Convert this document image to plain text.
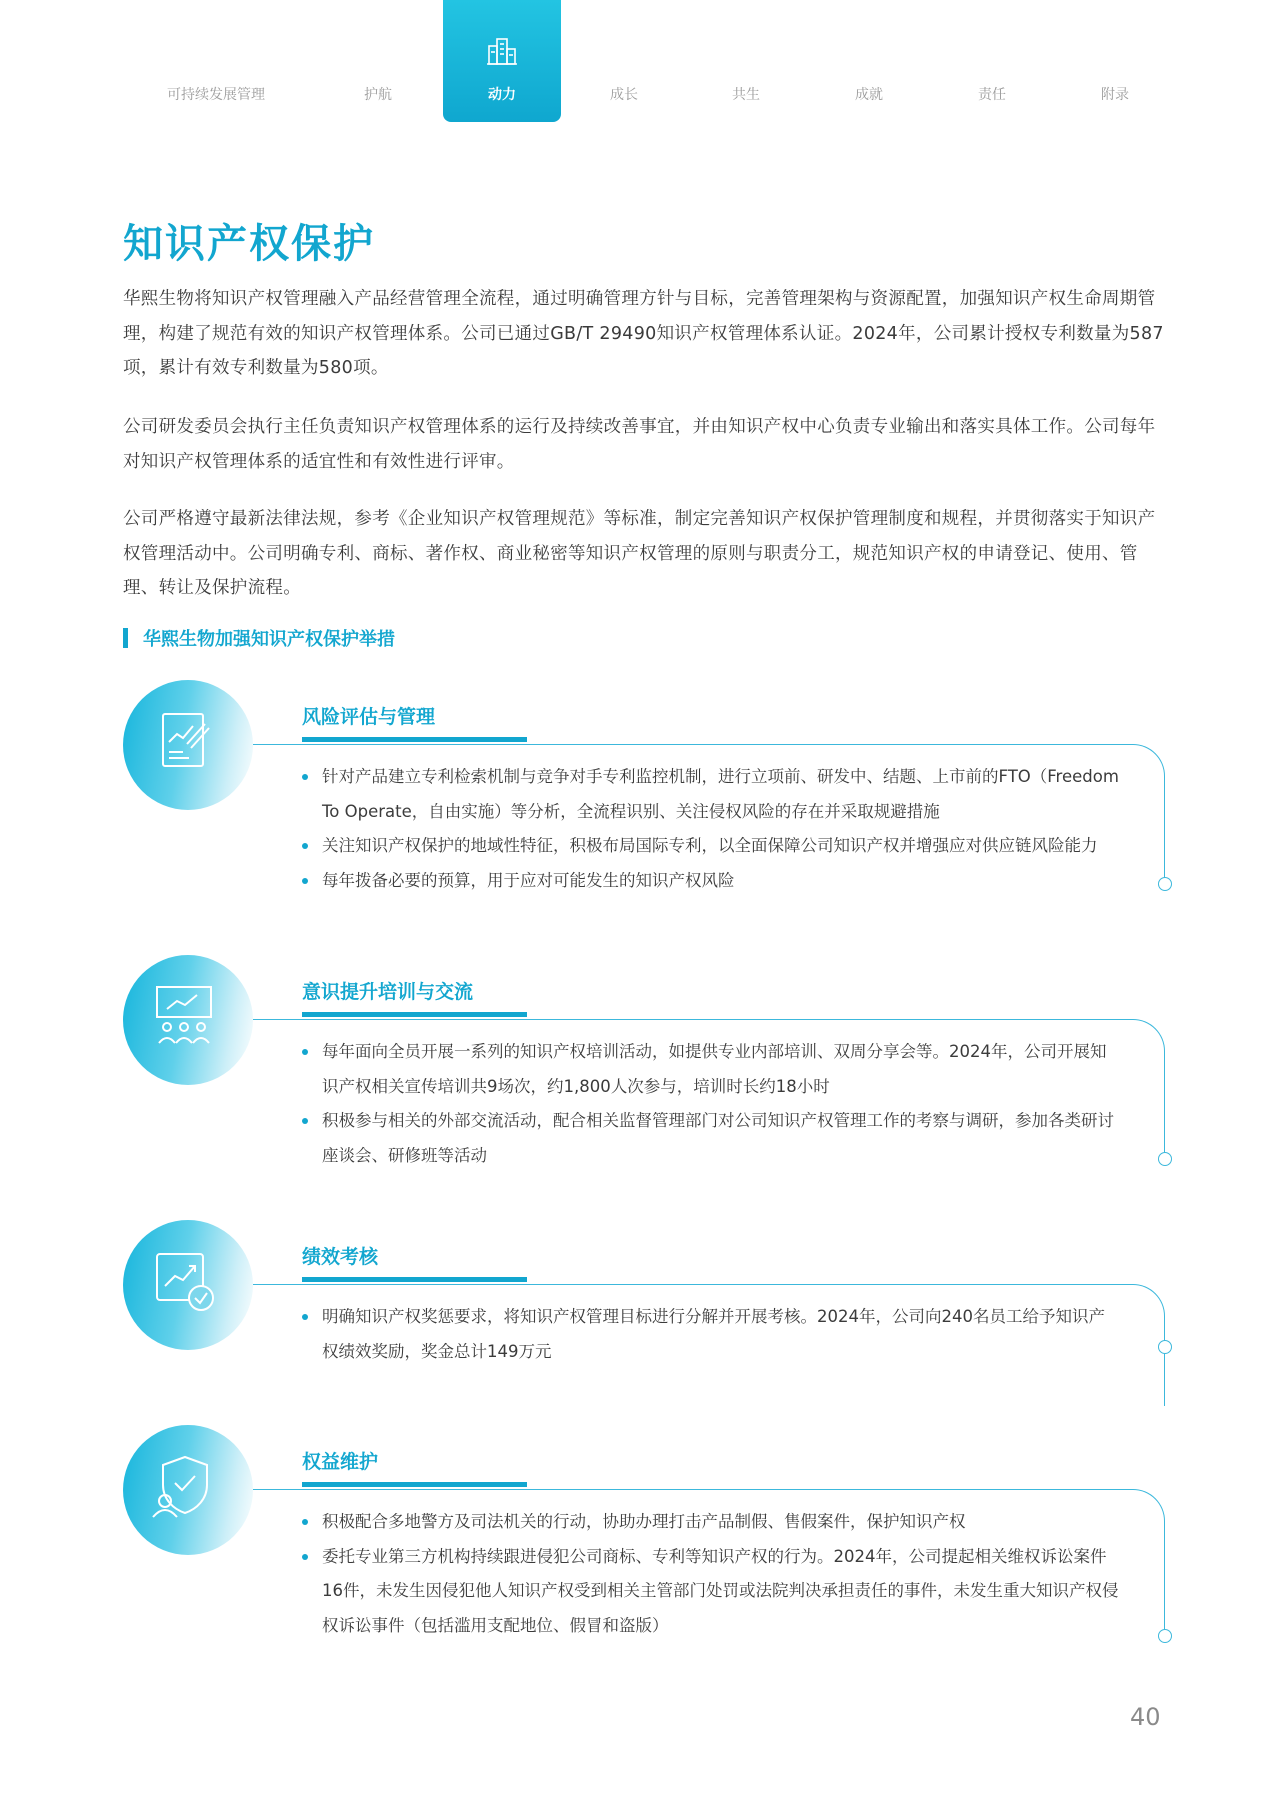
可持续发展管理	护航	动力	成长	共生	成就	责任	附录
知识产权保护

华熙生物将知识产权管理融入产品经营管理全流程，通过明确管理方针与目标，完善管理架构与资源配置，加强知识产权生命周期管理，构建了规范有效的知识产权管理体系。公司已通过GB/T 29490知识产权管理体系认证。2024年，公司累计授权专利数量为587项，累计有效专利数量为580项。

公司研发委员会执行主任负责知识产权管理体系的运行及持续改善事宜，并由知识产权中心负责专业输出和落实具体工作。公司每年对知识产权管理体系的适宜性和有效性进行评审。

公司严格遵守最新法律法规，参考《企业知识产权管理规范》等标准，制定完善知识产权保护管理制度和规程，并贯彻落实于知识产权管理活动中。公司明确专利、商标、著作权、商业秘密等知识产权管理的原则与职责分工，规范知识产权的申请登记、使用、管理、转让及保护流程。

华熙生物加强知识产权保护举措
风险评估与管理
针对产品建立专利检索机制与竞争对手专利监控机制，进行立项前、研发中、结题、上市前的FTO（Freedom To Operate，自由实施）等分析，全流程识别、关注侵权风险的存在并采取规避措施
关注知识产权保护的地域性特征，积极布局国际专利，以全面保障公司知识产权并增强应对供应链风险能力
每年拨备必要的预算，用于应对可能发生的知识产权风险
意识提升培训与交流
每年面向全员开展一系列的知识产权培训活动，如提供专业内部培训、双周分享会等。2024年，公司开展知识产权相关宣传培训共9场次，约1,800人次参与，培训时长约18小时
积极参与相关的外部交流活动，配合相关监督管理部门对公司知识产权管理工作的考察与调研，参加各类研讨座谈会、研修班等活动
绩效考核
明确知识产权奖惩要求，将知识产权管理目标进行分解并开展考核。2024年，公司向240名员工给予知识产权绩效奖励，奖金总计149万元
权益维护
积极配合多地警方及司法机关的行动，协助办理打击产品制假、售假案件，保护知识产权
委托专业第三方机构持续跟进侵犯公司商标、专利等知识产权的行为。2024年，公司提起相关维权诉讼案件16件，未发生因侵犯他人知识产权受到相关主管部门处罚或法院判决承担责任的事件，未发生重大知识产权侵权诉讼事件（包括滥用支配地位、假冒和盗版）
40
